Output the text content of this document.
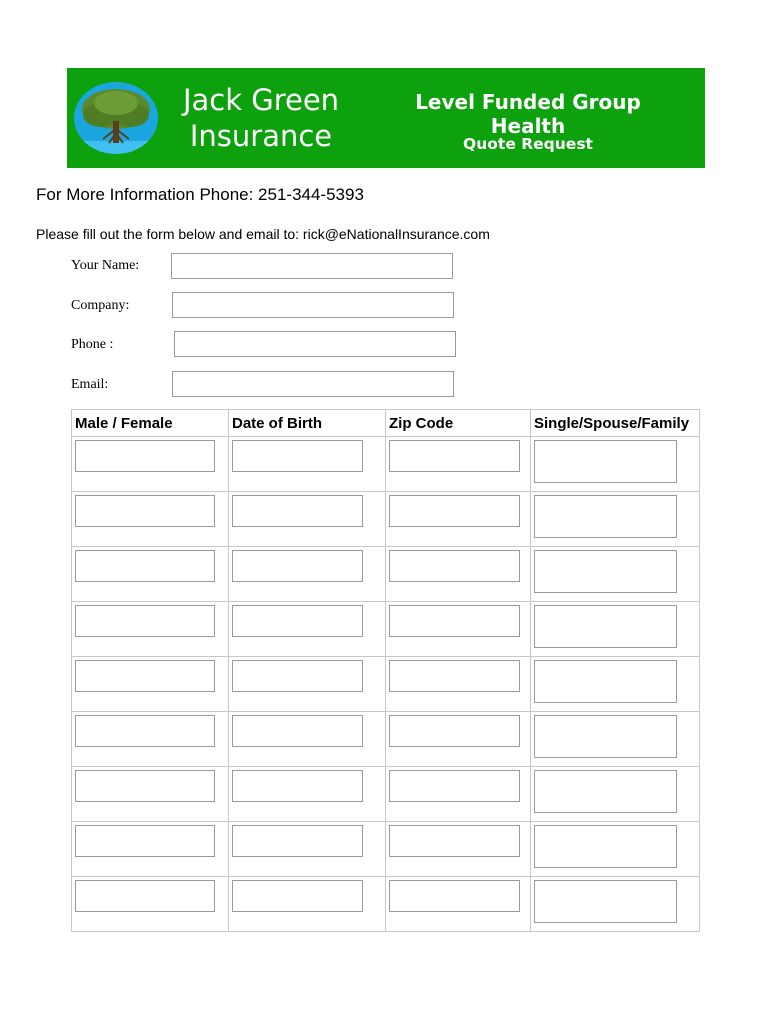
Jack Green
Insurance
Level Funded Group Health
Quote Request
For More Information Phone: 251-344-5393
Please fill out the form below and email to: rick@eNationalInsurance.com
Your Name:
Company:
Phone :
Email:
Male / Female	Date of Birth	Zip Code	Single/Spouse/Family
